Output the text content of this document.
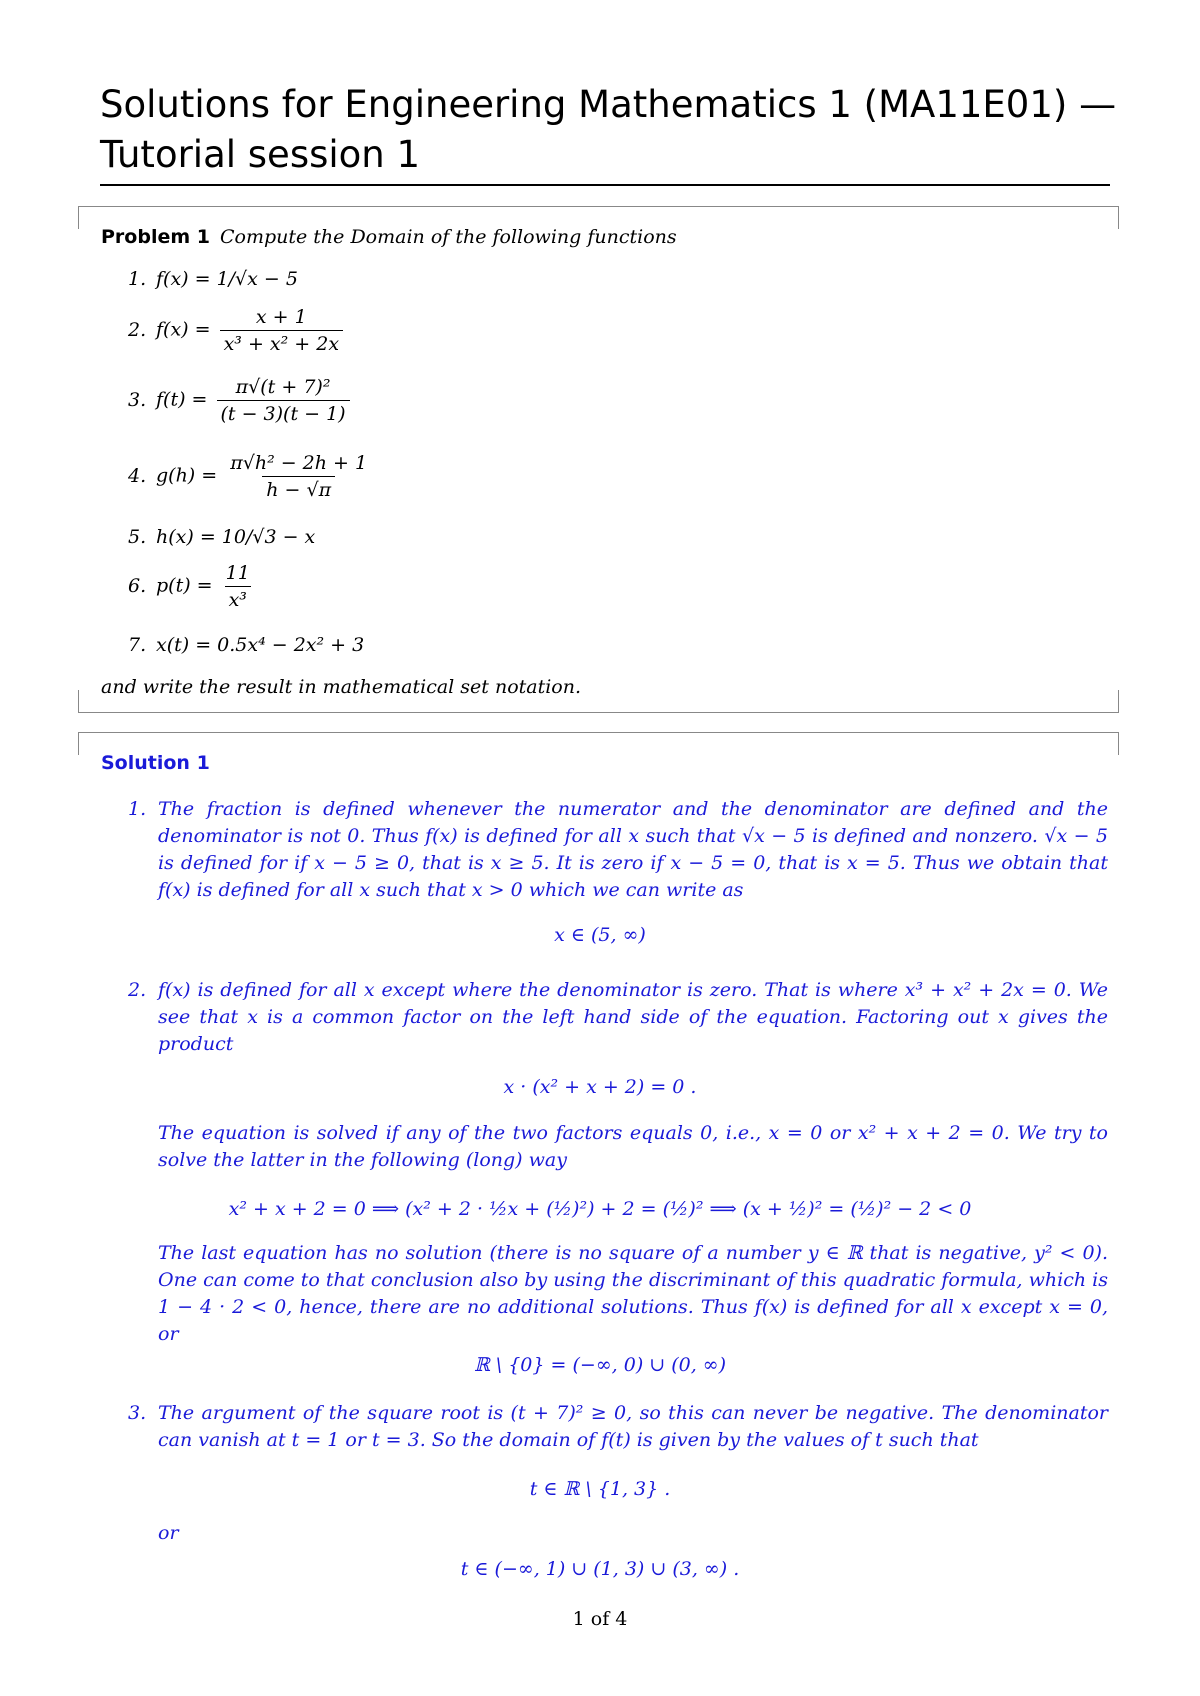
Solutions for Engineering Mathematics 1 (MA11E01) —
Tutorial session 1
Problem 1 Compute the Domain of the following functions
1. f(x) = 1/√x − 5
2. $f(x) = \frac{x + 1}{\text{x³ + x² + 2x}}$
3. $f(t) = \frac{\text{π√(t + 7)²}}{(t - 3)(t - 1)}$
4. $g(h) = \frac{\text{π√h² − 2h + 1}}{h - √\pi}$
5. h(x) = 10/√3 − x
6. $p(t) = \frac{11}{\text{x³}}$
7. x(t) = 0.5x⁴ − 2x² + 3
and write the result in mathematical set notation.
Solution 1
1. The fraction is defined whenever the numerator and the denominator are defined and the denominator is not 0. Thus f(x) is defined for all x such that √x − 5 is defined and nonzero. √x − 5 is defined for if x − 5 ≥ 0, that is x ≥ 5. It is zero if x − 5 = 0, that is x = 5. Thus we obtain that f(x) is defined for all x such that x > 0 which we can write as
x ∈ (5, ∞)
2. f(x) is defined for all x except where the denominator is zero. That is where x³ + x² + 2x = 0. We see that x is a common factor on the left hand side of the equation. Factoring out x gives the product
x · (x² + x + 2) = 0 .
The equation is solved if any of the two factors equals 0, i.e., x = 0 or x² + x + 2 = 0. We try to solve the latter in the following (long) way
x² + x + 2 = 0 ⟹ (x² + 2 · ½x + (½)²) + 2 = (½)² ⟹ (x + ½)² = (½)² − 2 < 0
The last equation has no solution (there is no square of a number y ∈ ℝ that is negative, y² < 0). One can come to that conclusion also by using the discriminant of this quadratic formula, which is 1 − 4 · 2 < 0, hence, there are no additional solutions. Thus f(x) is defined for all x except x = 0, or
ℝ \ {0} = (−∞, 0) ∪ (0, ∞)
3. The argument of the square root is (t + 7)² ≥ 0, so this can never be negative. The denominator can vanish at t = 1 or t = 3. So the domain of f(t) is given by the values of t such that
t ∈ ℝ \ {1, 3} .
or
t ∈ (−∞, 1) ∪ (1, 3) ∪ (3, ∞) .
1 of 4
